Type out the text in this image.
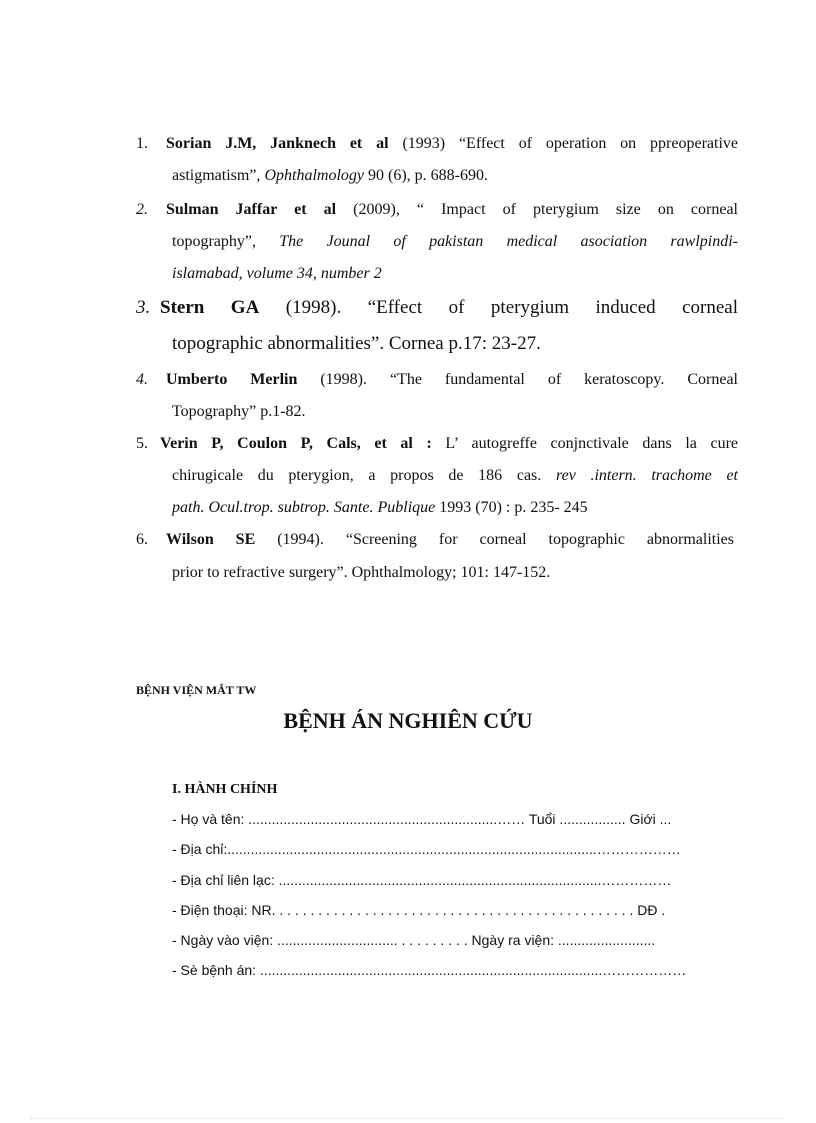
1. Sorian J.M, Janknech et al (1993) “Effect of operation on ppreoperative
astigmatism”, Ophthalmology 90 (6), p. 688-690.
2. Sulman Jaffar et al (2009), “ Impact of pterygium size on corneal
topography”, The Jounal of pakistan medical asociation rawlpindi-
islamabad, volume 34, number 2
3. Stern GA (1998). “Effect of pterygium induced corneal
topographic abnormalities”. Cornea p.17: 23-27.
4. Umberto Merlin (1998). “The fundamental of keratoscopy. Corneal
Topography” p.1-82.
5. Verin P, Coulon P, Cals, et al : L’ autogreffe conjnctivale dans la cure
chirugicale du pterygion, a propos de 186 cas. rev .intern. trachome et
path. Ocul.trop. subtrop. Sante. Publique 1993 (70) : p. 235- 245
6. Wilson SE (1994). “Screening for corneal topographic abnormalities
prior to refractive surgery”. Ophthalmology; 101: 147-152.
BỆNH VIỆN MẮT TW
BỆNH ÁN NGHIÊN CỨU
I. HÀNH CHÍNH
- Họ và tên: ................................................................…… Tuổi ................. Giới ...
- Địa chỉ:...............................................................................................………………
- Địa chỉ liên lạc: ...................................................................................……………
- Điện thoại: NR. . . . . . . . . . . . . . . . . . . . . . . . . . . . . . . . . . . . . . . . . . . . . . . DĐ .
- Ngày vào viện: ............................... . . . . . . . . . Ngày ra viện: .........................
- Sè bệnh án: ........................................................................................………………
